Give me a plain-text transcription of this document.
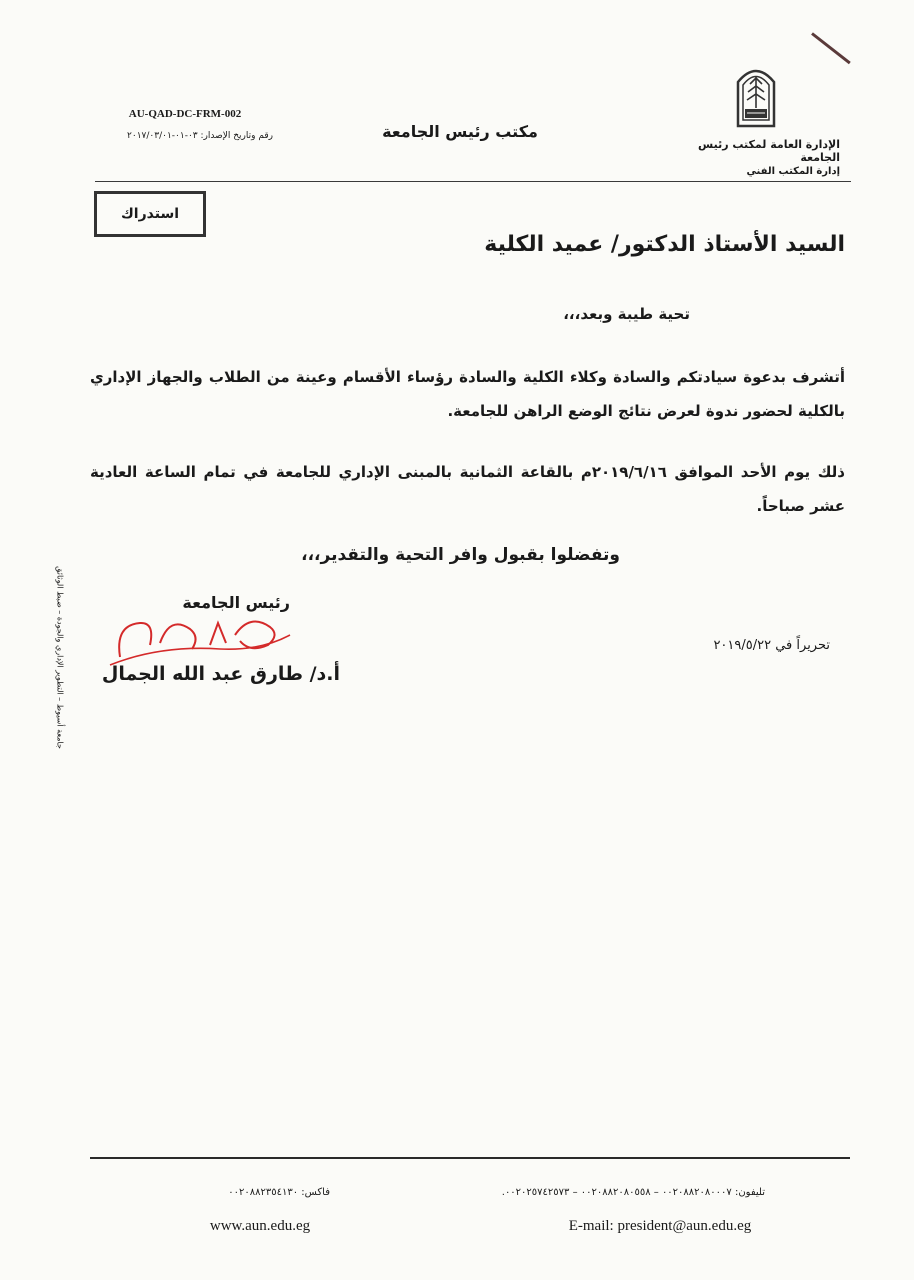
الإدارة العامة لمكتب رئيس الجامعة
إدارة المكتب الفني
مكتب رئيس الجامعة
AU-QAD-DC-FRM-002
رقم وتاريخ الإصدار: ٠٣-٠١-٢٠١٧/٠٣/٠١
استدراك
السيد الأستاذ الدكتور/ عميد الكلية
تحية طيبة وبعد،،،
أتشرف بدعوة سيادتكم والسادة وكلاء الكلية والسادة رؤساء الأقسام وعينة من الطلاب والجهاز الإداري بالكلية لحضور ندوة لعرض نتائج الوضع الراهن للجامعة.
ذلك يوم الأحد الموافق ٢٠١٩/٦/١٦م بالقاعة الثمانية بالمبنى الإداري للجامعة في تمام الساعة العادية عشر صباحاً.
وتفضلوا بقبول وافر التحية والتقدير،،،
رئيس الجامعة
أ.د/ طارق عبد الله الجمال
تحريراً في ٢٠١٩/٥/٢٢
جامعة أسيوط – التطوير الإداري والجودة – ضبط الوثائق
تليفون: ٠٠٢٠٨٨٢٠٨٠٠٠٧ – ٠٠٢٠٨٨٢٠٨٠٥٥٨ – ٠٠٢٠٢٥٧٤٢٥٧٣.
فاكس: ٠٠٢٠٨٨٢٣٥٤١٣٠
E-mail: president@aun.edu.eg
www.aun.edu.eg
